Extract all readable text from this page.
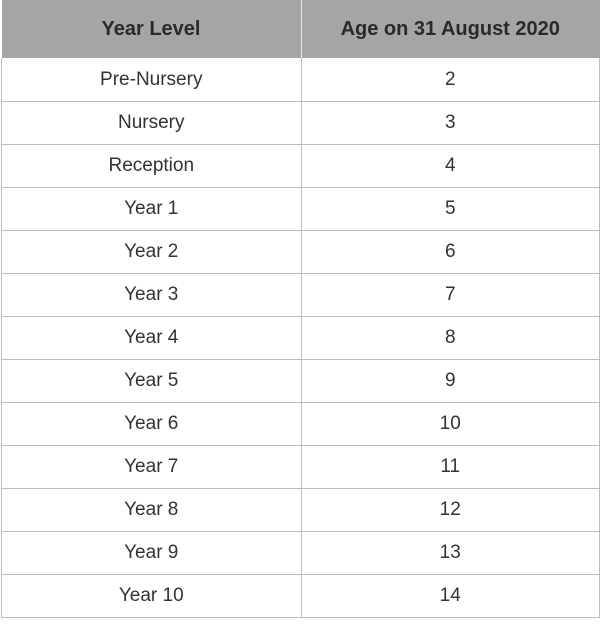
Year Level	Age on 31 August 2020
Pre-Nursery	2
Nursery	3
Reception	4
Year 1	5
Year 2	6
Year 3	7
Year 4	8
Year 5	9
Year 6	10
Year 7	11
Year 8	12
Year 9	13
Year 10	14
